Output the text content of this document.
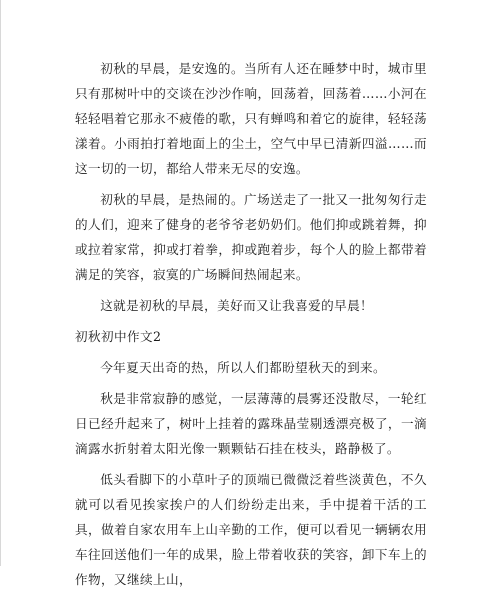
初秋的早晨，是安逸的。当所有人还在睡梦中时，城市里只有那树叶中的交谈在沙沙作响，回荡着，回荡着……小河在轻轻唱着它那永不疲倦的歌，只有蝉鸣和着它的旋律，轻轻荡漾着。小雨拍打着地面上的尘土，空气中早已清新四溢……而这一切的一切，都给人带来无尽的安逸。

初秋的早晨，是热闹的。广场送走了一批又一批匆匆行走的人们，迎来了健身的老爷爷老奶奶们。他们抑或跳着舞，抑或拉着家常，抑或打着拳，抑或跑着步，每个人的脸上都带着满足的笑容，寂寞的广场瞬间热闹起来。

这就是初秋的早晨，美好而又让我喜爱的早晨！

初秋初中作文2

今年夏天出奇的热，所以人们都盼望秋天的到来。

秋是非常寂静的感觉，一层薄薄的晨雾还没散尽，一轮红日已经升起来了，树叶上挂着的露珠晶莹剔透漂亮极了，一滴滴露水折射着太阳光像一颗颗钻石挂在枝头，路静极了。

低头看脚下的小草叶子的顶端已微微泛着些淡黄色，不久就可以看见挨家挨户的人们纷纷走出来，手中提着干活的工具，做着自家农用车上山辛勤的工作，便可以看见一辆辆农用车往回送他们一年的成果，脸上带着收获的笑容，卸下车上的作物，又继续上山，
